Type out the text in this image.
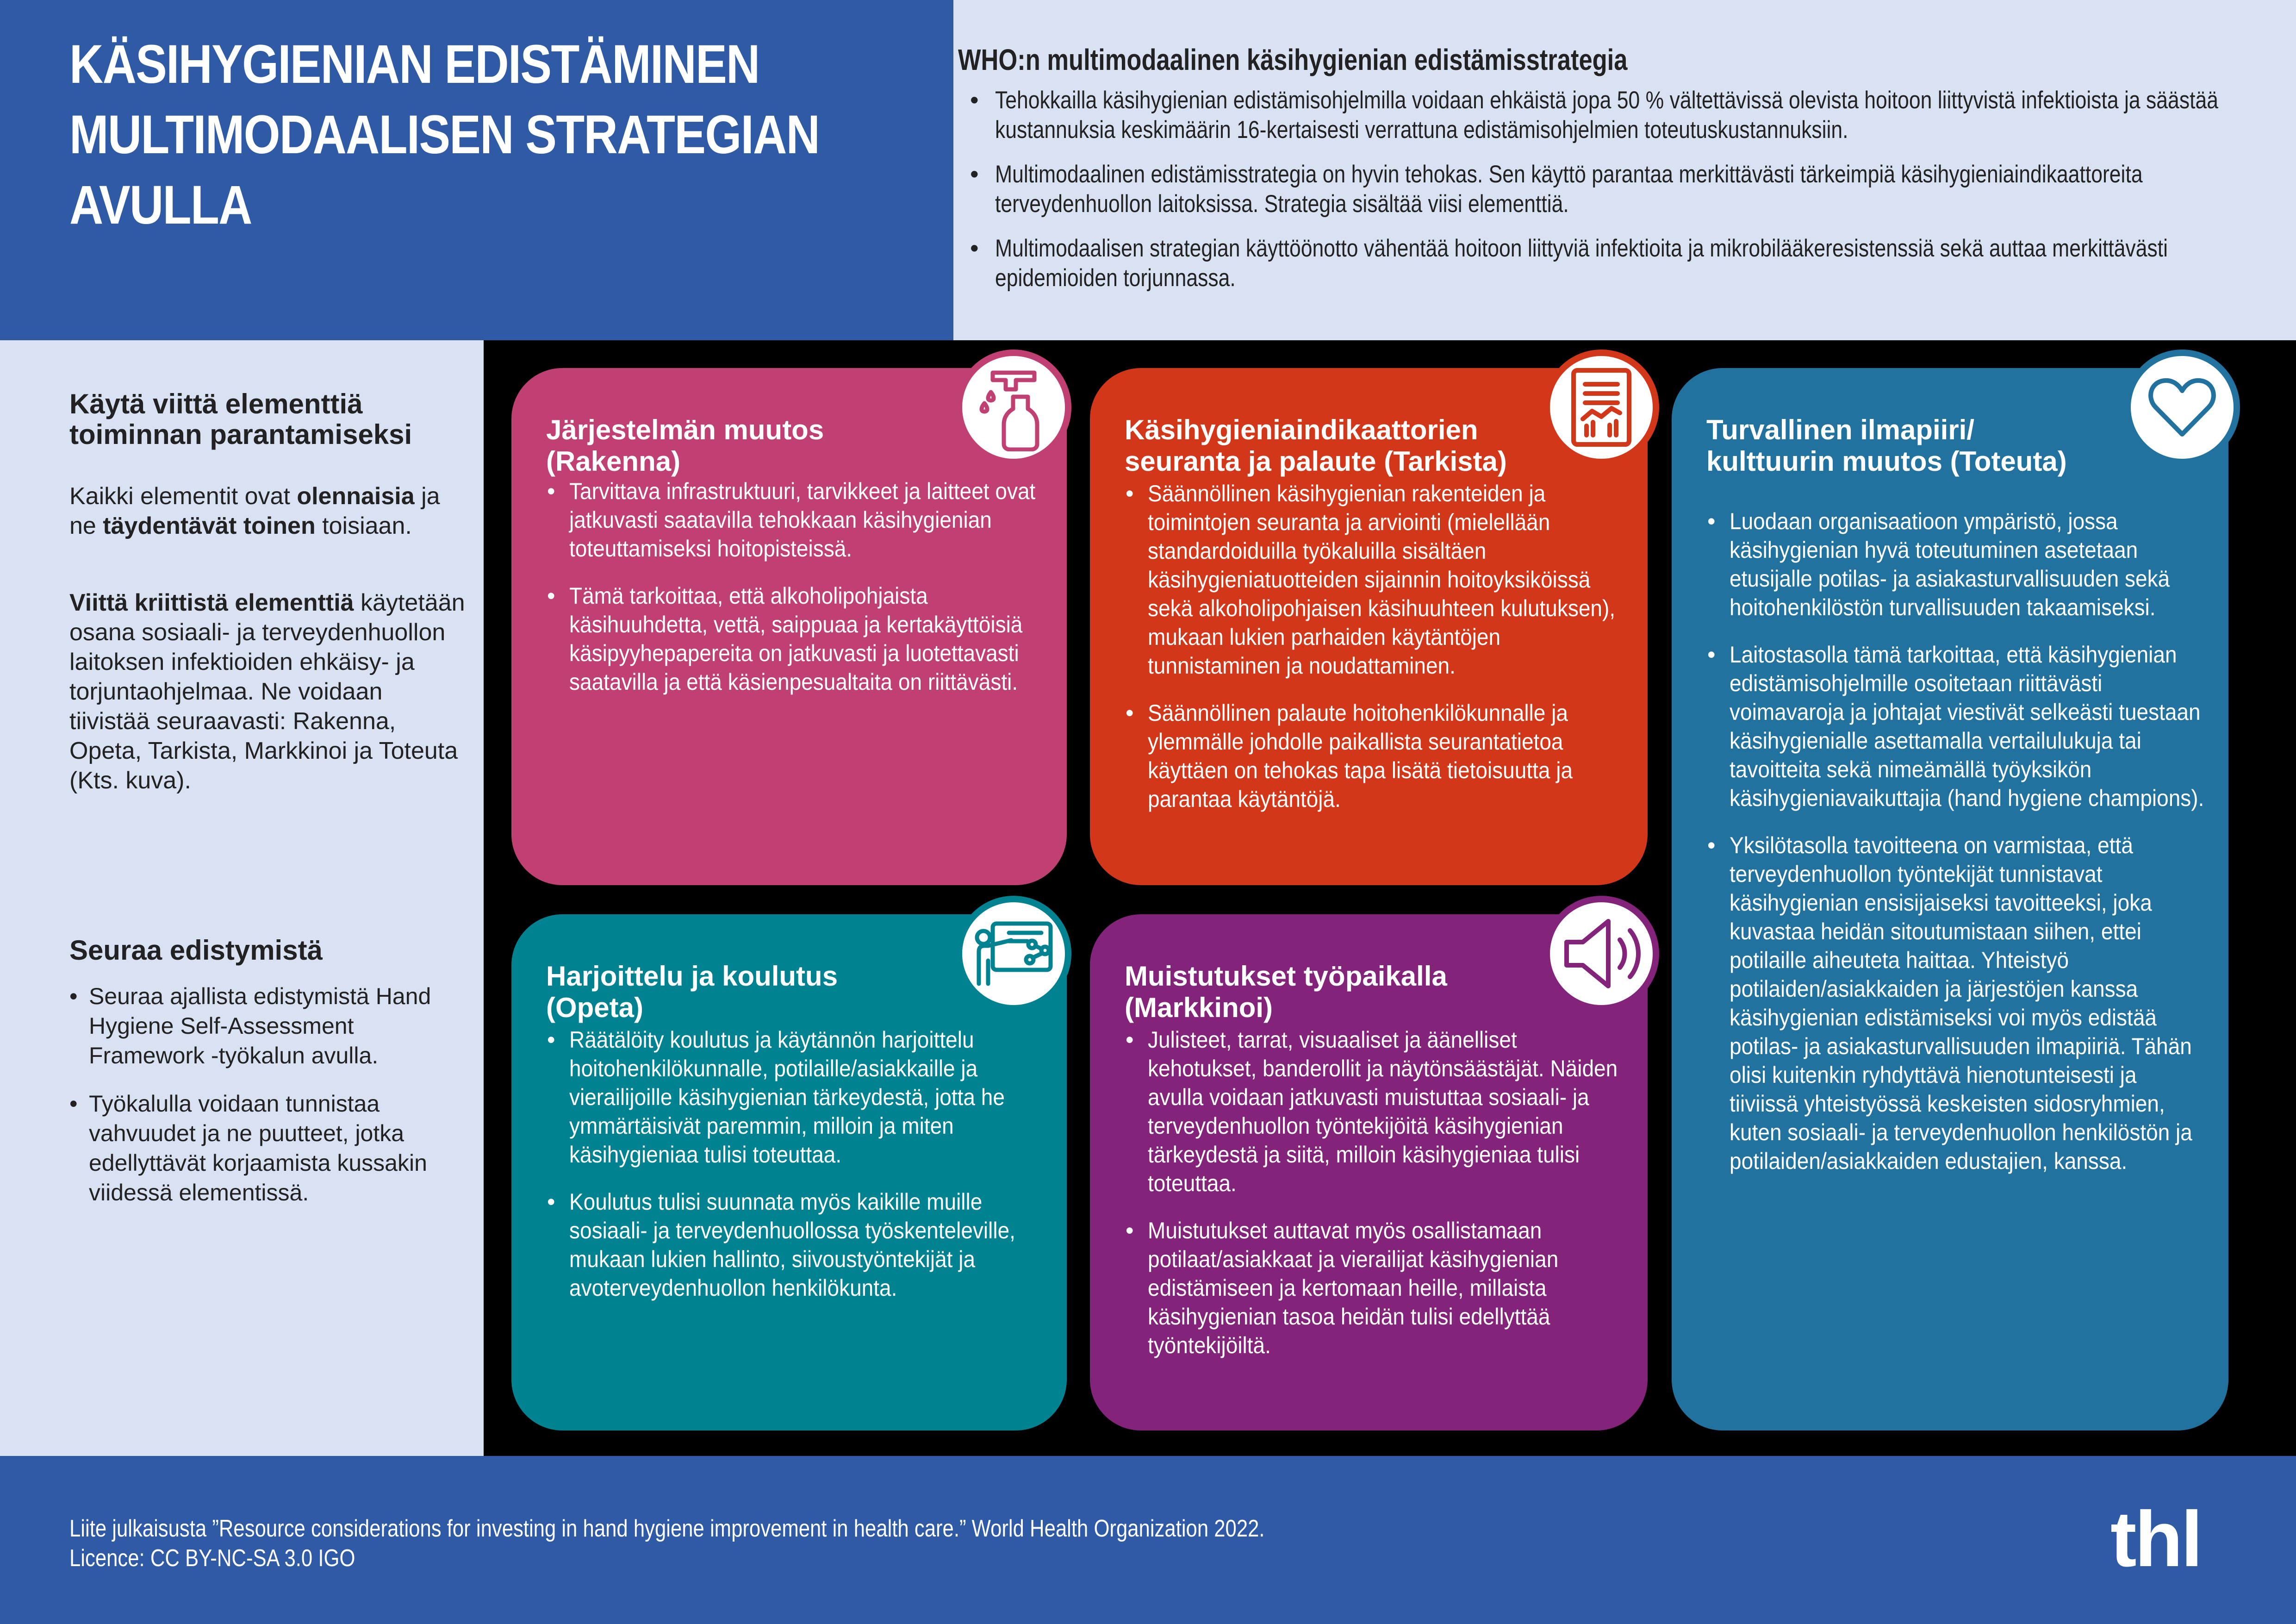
KÄSIHYGIENIAN EDISTÄMINEN
MULTIMODAALISEN STRATEGIAN
AVULLA
WHO:n multimodaalinen käsihygienian edistämisstrategia
• Tehokkailla käsihygienian edistämisohjelmilla voidaan ehkäistä jopa 50 % vältettävissä olevista hoitoon liittyvistä infektioista ja säästää kustannuksia keskimäärin 16-kertaisesti verrattuna edistämisohjelmien toteutuskustannuksiin.
• Multimodaalinen edistämisstrategia on hyvin tehokas. Sen käyttö parantaa merkittävästi tärkeimpiä käsihygieniaindikaattoreita terveydenhuollon laitoksissa. Strategia sisältää viisi elementtiä.
• Multimodaalisen strategian käyttöönotto vähentää hoitoon liittyviä infektioita ja mikrobilääkeresistenssiä sekä auttaa merkittävästi epidemioiden torjunnassa.
Käytä viittä elementtiä toiminnan parantamiseksi
Kaikki elementit ovat olennaisia ja ne täydentävät toinen toisiaan.
Viittä kriittistä elementtiä käytetään osana sosiaali- ja terveydenhuollon laitoksen infektioiden ehkäisy- ja torjuntaohjelmaa. Ne voidaan tiivistää seuraavasti: Rakenna, Opeta, Tarkista, Markkinoi ja Toteuta (Kts. kuva).
Seuraa edistymistä
• Seuraa ajallista edistymistä Hand Hygiene Self-Assessment Framework -työkalun avulla.
• Työkalulla voidaan tunnistaa vahvuudet ja ne puutteet, jotka edellyttävät korjaamista kussakin viidessä elementissä.
Järjestelmän muutos (Rakenna)
• Tarvittava infrastruktuuri, tarvikkeet ja laitteet ovat jatkuvasti saatavilla tehokkaan käsihygienian toteuttamiseksi hoitopisteissä.
• Tämä tarkoittaa, että alkoholipohjaista käsihuuhdetta, vettä, saippuaa ja kertakäyttöisiä käsipyyhepapereita on jatkuvasti ja luotettavasti saatavilla ja että käsienpesualtaita on riittävästi.
Käsihygieniaindikaattorien seuranta ja palaute (Tarkista)
• Säännöllinen käsihygienian rakenteiden ja toimintojen seuranta ja arviointi (mielellään standardoiduilla työkaluilla sisältäen käsihygieniatuotteiden sijainnin hoitoyksiköissä sekä alkoholipohjaisen käsihuuhteen kulutuksen), mukaan lukien parhaiden käytäntöjen tunnistaminen ja noudattaminen.
• Säännöllinen palaute hoitohenkilökunnalle ja ylemmälle johdolle paikallista seurantatietoa käyttäen on tehokas tapa lisätä tietoisuutta ja parantaa käytäntöjä.
Harjoittelu ja koulutus (Opeta)
• Räätälöity koulutus ja käytännön harjoittelu hoitohenkilökunnalle, potilaille/asiakkaille ja vierailijoille käsihygienian tärkeydestä, jotta he ymmärtäisivät paremmin, milloin ja miten käsihygieniaa tulisi toteuttaa.
• Koulutus tulisi suunnata myös kaikille muille sosiaali- ja terveydenhuollossa työskenteleville, mukaan lukien hallinto, siivoustyöntekijät ja avoterveydenhuollon henkilökunta.
Muistutukset työpaikalla (Markkinoi)
• Julisteet, tarrat, visuaaliset ja äänelliset kehotukset, banderollit ja näytönsäästäjät. Näiden avulla voidaan jatkuvasti muistuttaa sosiaali- ja terveydenhuollon työntekijöitä käsihygienian tärkeydestä ja siitä, milloin käsihygieniaa tulisi toteuttaa.
• Muistutukset auttavat myös osallistamaan potilaat/asiakkaat ja vierailijat käsihygienian edistämiseen ja kertomaan heille, millaista käsihygienian tasoa heidän tulisi edellyttää työntekijöiltä.
Turvallinen ilmapiiri/ kulttuurin muutos (Toteuta)
• Luodaan organisaatioon ympäristö, jossa käsihygienian hyvä toteutuminen asetetaan etusijalle potilas- ja asiakasturvallisuuden sekä hoitohenkilöstön turvallisuuden takaamiseksi.
• Laitostasolla tämä tarkoittaa, että käsihygienian edistämisohjelmille osoitetaan riittävästi voimavaroja ja johtajat viestivät selkeästi tuestaan käsihygienialle asettamalla vertailulukuja tai tavoitteita sekä nimeämällä työyksikön käsihygieniavaikuttajia (hand hygiene champions).
• Yksilötasolla tavoitteena on varmistaa, että terveydenhuollon työntekijät tunnistavat käsihygienian ensisijaiseksi tavoitteeksi, joka kuvastaa heidän sitoutumistaan siihen, ettei potilaille aiheuteta haittaa. Yhteistyö potilaiden/asiakkaiden ja järjestöjen kanssa käsihygienian edistämiseksi voi myös edistää potilas- ja asiakasturvallisuuden ilmapiiriä. Tähän olisi kuitenkin ryhdyttävä hienotunteisesti ja tiiviissä yhteistyössä keskeisten sidosryhmien, kuten sosiaali- ja terveydenhuollon henkilöstön ja potilaiden/asiakkaiden edustajien, kanssa.
Liite julkaisusta ”Resource considerations for investing in hand hygiene improvement in health care.” World Health Organization 2022.
Licence: CC BY-NC-SA 3.0 IGO	thl
